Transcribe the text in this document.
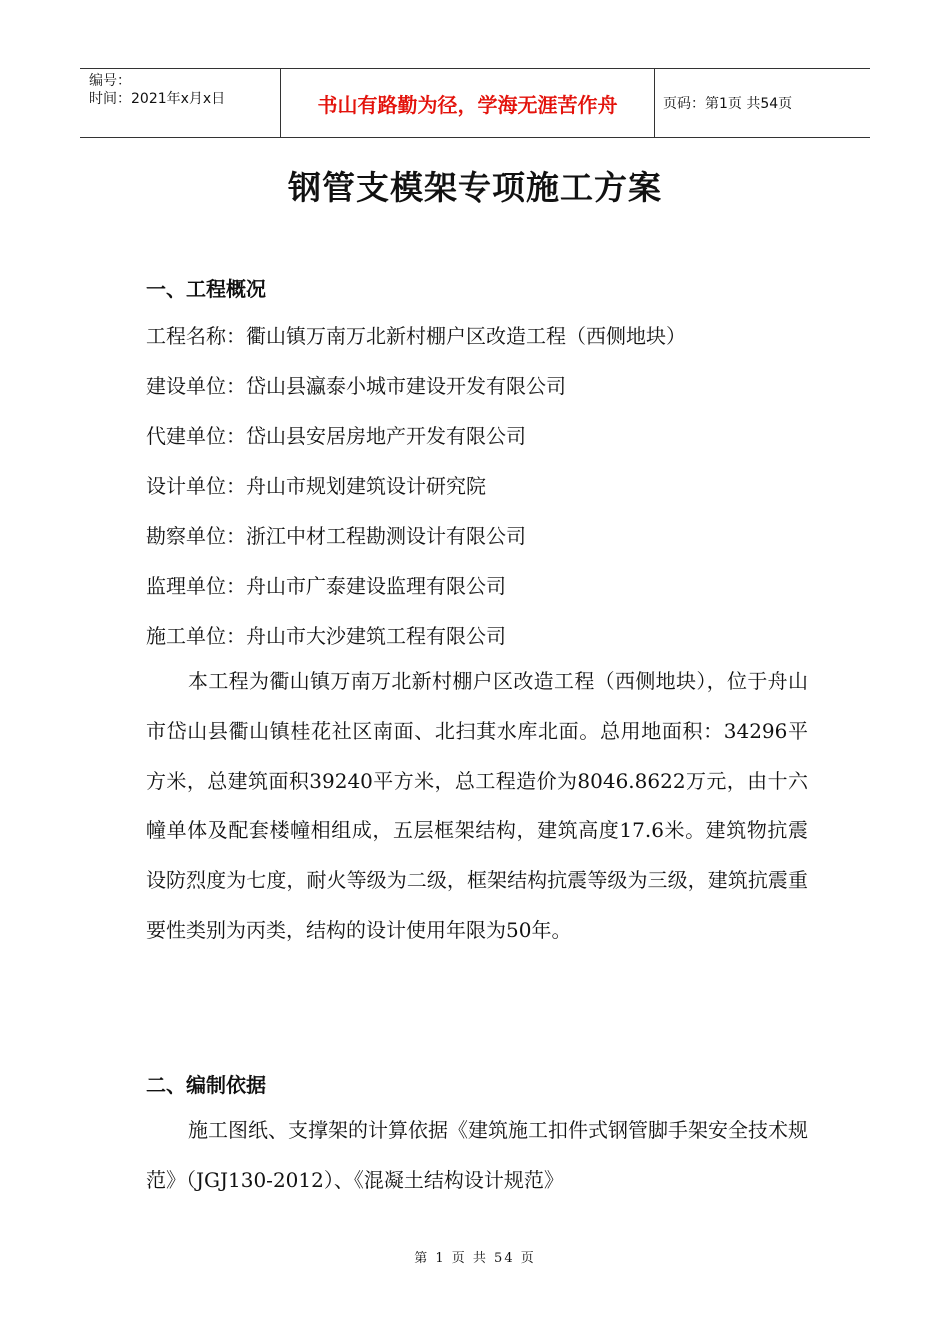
编号：
时间：2021年x月x日	书山有路勤为径，学海无涯苦作舟	页码：第1页 共54页
钢管支模架专项施工方案
一、工程概况
工程名称：衢山镇万南万北新村棚户区改造工程（西侧地块）
建设单位：岱山县瀛泰小城市建设开发有限公司
代建单位：岱山县安居房地产开发有限公司
设计单位：舟山市规划建筑设计研究院
勘察单位：浙江中材工程勘测设计有限公司
监理单位：舟山市广泰建设监理有限公司
施工单位：舟山市大沙建筑工程有限公司
本工程为衢山镇万南万北新村棚户区改造工程（西侧地块），位于舟山市岱山县衢山镇桂花社区南面、北扫萁水库北面。总用地面积：34296平方米，总建筑面积39240平方米，总工程造价为8046.8622万元，由十六幢单体及配套楼幢相组成，五层框架结构，建筑高度17.6米。建筑物抗震设防烈度为七度，耐火等级为二级，框架结构抗震等级为三级，建筑抗震重要性类别为丙类，结构的设计使用年限为50年。
二、编制依据
施工图纸、支撑架的计算依据《建筑施工扣件式钢管脚手架安全技术规范》（JGJ130-2012）、《混凝土结构设计规范》
第 1 页 共 54 页
